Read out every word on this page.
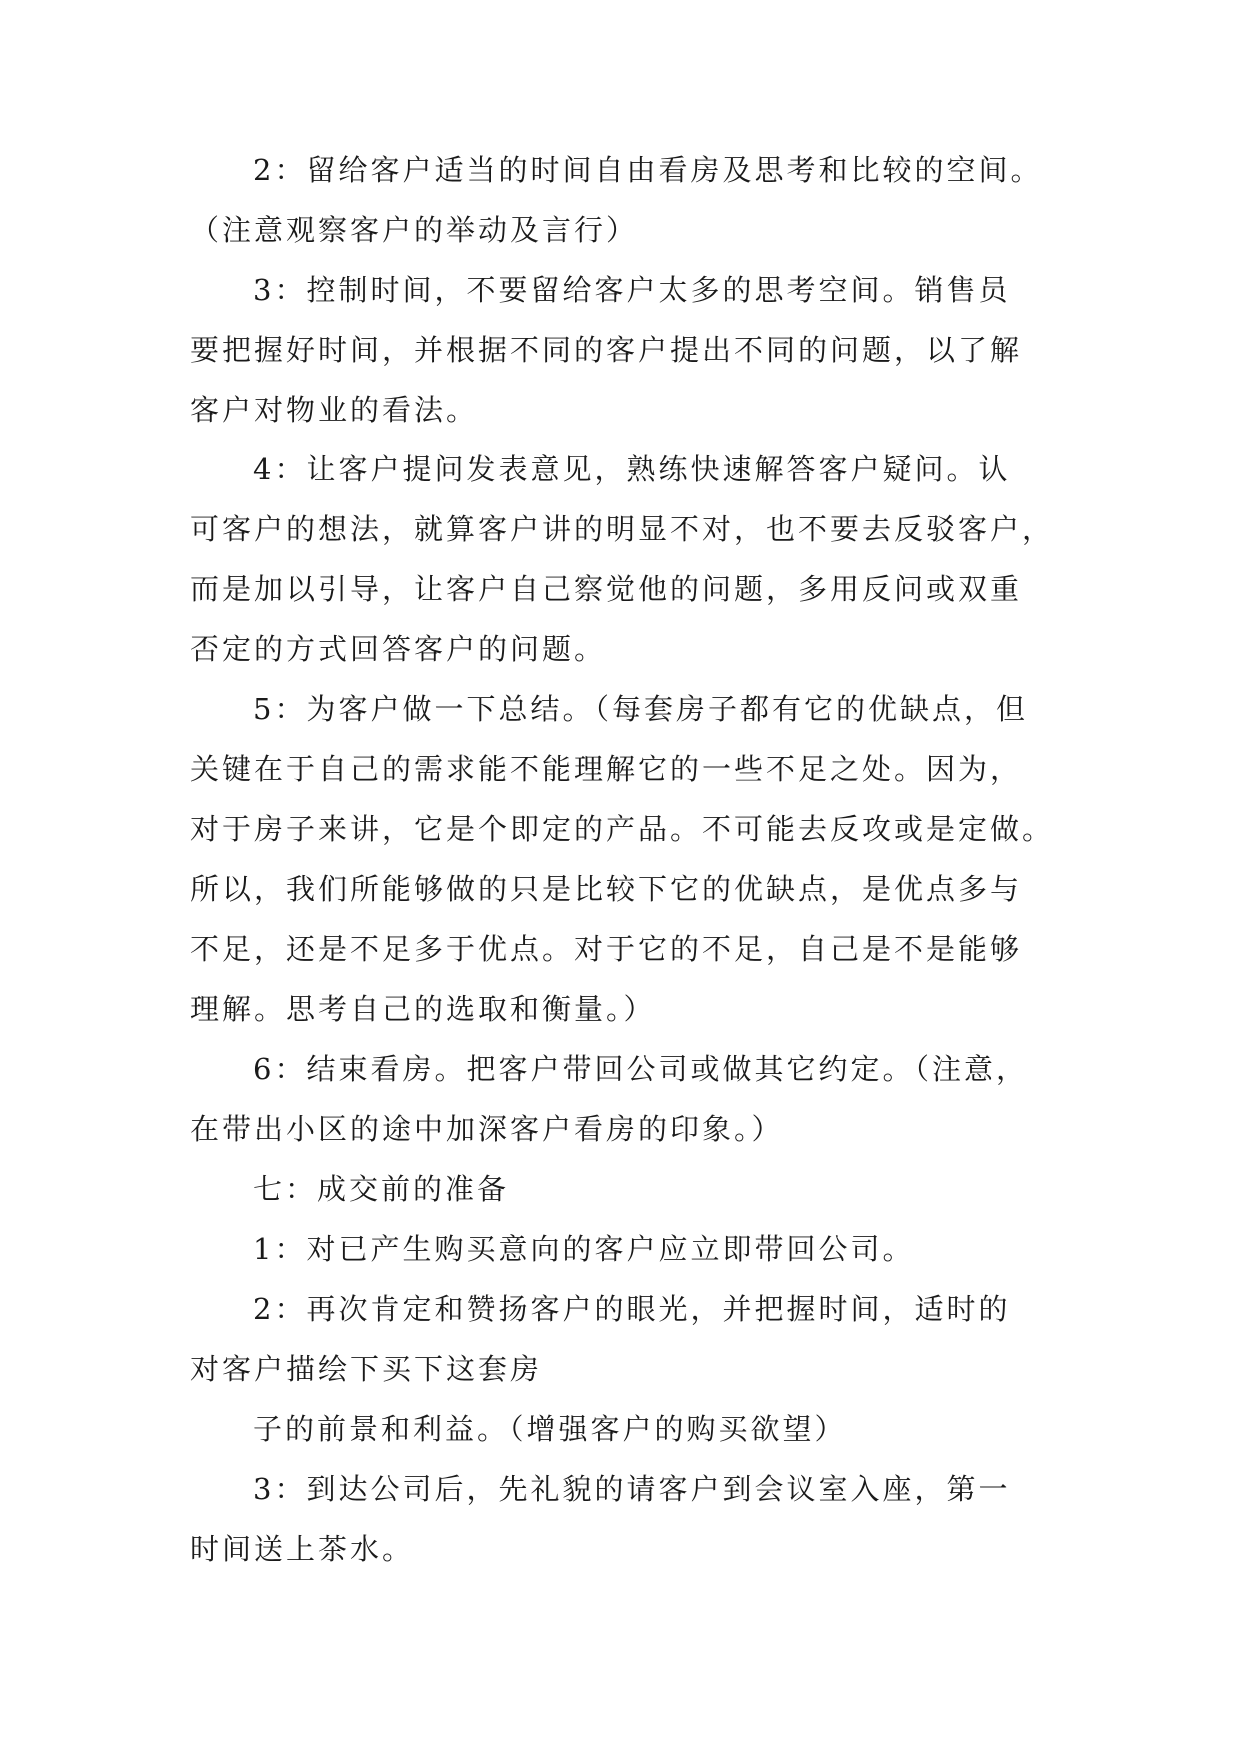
2：留给客户适当的时间自由看房及思考和比较的空间。
（注意观察客户的举动及言行）
3：控制时间，不要留给客户太多的思考空间。销售员
要把握好时间，并根据不同的客户提出不同的问题，以了解
客户对物业的看法。
4：让客户提问发表意见，熟练快速解答客户疑问。认
可客户的想法，就算客户讲的明显不对，也不要去反驳客户，
而是加以引导，让客户自己察觉他的问题，多用反问或双重
否定的方式回答客户的问题。
5：为客户做一下总结。（每套房子都有它的优缺点，但
关键在于自己的需求能不能理解它的一些不足之处。因为，
对于房子来讲，它是个即定的产品。不可能去反攻或是定做。
所以，我们所能够做的只是比较下它的优缺点，是优点多与
不足，还是不足多于优点。对于它的不足，自己是不是能够
理解。思考自己的选取和衡量。）
6：结束看房。把客户带回公司或做其它约定。（注意，
在带出小区的途中加深客户看房的印象。）
七：成交前的准备
1：对已产生购买意向的客户应立即带回公司。
2：再次肯定和赞扬客户的眼光，并把握时间，适时的
对客户描绘下买下这套房
子的前景和利益。（增强客户的购买欲望）
3：到达公司后，先礼貌的请客户到会议室入座，第一
时间送上茶水。
